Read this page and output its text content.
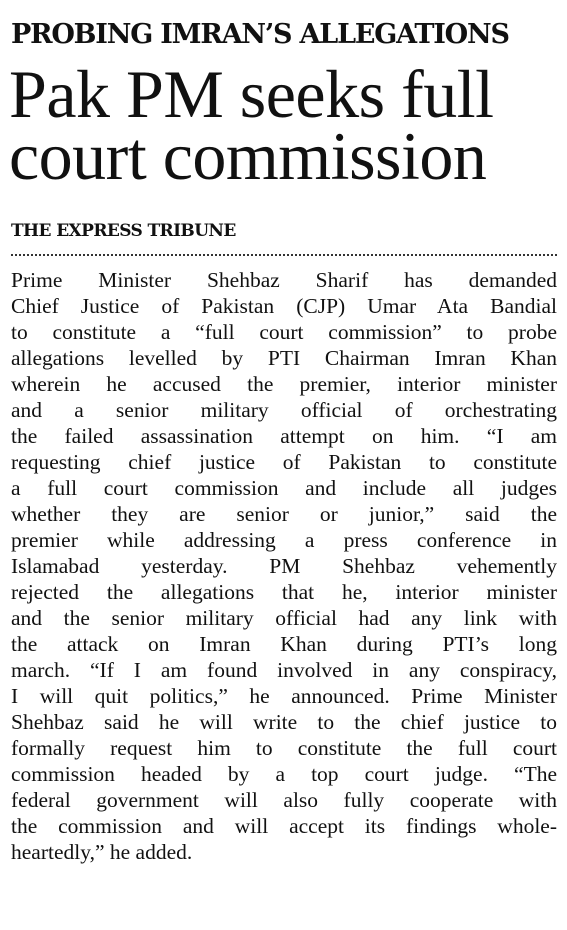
PROBING IMRAN’S ALLEGATIONS
Pak PM seeks full
court commission
THE EXPRESS TRIBUNE
Prime Minister Shehbaz Sharif has demanded
Chief Justice of Pakistan (CJP) Umar Ata Bandial
to constitute a “full court commission” to probe
allegations levelled by PTI Chairman Imran Khan
wherein he accused the premier, interior minister
and a senior military official of orchestrating
the failed assassination attempt on him. “I am
requesting chief justice of Pakistan to constitute
a full court commission and include all judges
whether they are senior or junior,” said the
premier while addressing a press conference in
Islamabad yesterday. PM Shehbaz vehemently
rejected the allegations that he, interior minister
and the senior military official had any link with
the attack on Imran Khan during PTI’s long
march. “If I am found involved in any conspiracy,
I will quit politics,” he announced. Prime Minister
Shehbaz said he will write to the chief justice to
formally request him to constitute the full court
commission headed by a top court judge. “The
federal government will also fully cooperate with
the commission and will accept its findings whole-
heartedly,” he added.
